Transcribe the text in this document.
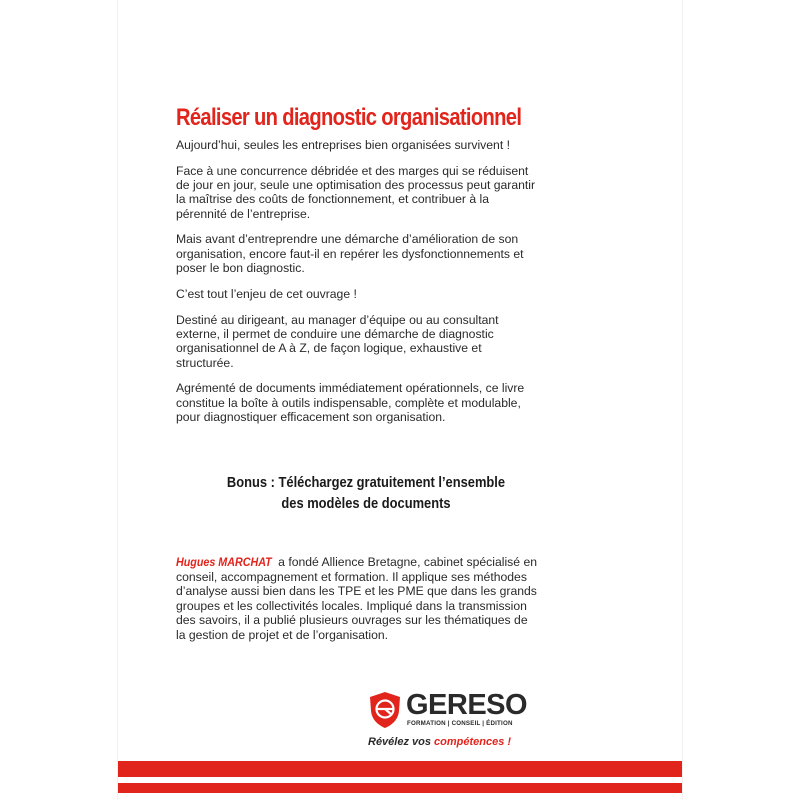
Réaliser un diagnostic organisationnel

Aujourd’hui, seules les entreprises bien organisées survivent !

Face à une concurrence débridée et des marges qui se réduisent de jour en jour, seule une optimisation des processus peut garantir la maîtrise des coûts de fonctionnement, et contribuer à la pérennité de l’entreprise.

Mais avant d’entreprendre une démarche d’amélioration de son organisation, encore faut-il en repérer les dysfonctionnements et poser le bon diagnostic.

C’est tout l’enjeu de cet ouvrage !

Destiné au dirigeant, au manager d’équipe ou au consultant externe, il permet de conduire une démarche de diagnostic organisationnel de A à Z, de façon logique, exhaustive et structurée.

Agrémenté de documents immédiatement opérationnels, ce livre constitue la boîte à outils indispensable, complète et modulable, pour diagnostiquer efficacement son organisation.

Bonus : Téléchargez gratuitement l’ensemble
des modèles de documents
Hugues MARCHAT a fondé Allience Bretagne, cabinet spécialisé en conseil, accompagnement et formation. Il applique ses méthodes d’analyse aussi bien dans les TPE et les PME que dans les grands groupes et les collectivités locales. Impliqué dans la transmission des savoirs, il a publié plusieurs ouvrages sur les thématiques de la gestion de projet et de l’organisation.
GERESO
FORMATION | CONSEIL | ÉDITION
Révélez vos compétences !
